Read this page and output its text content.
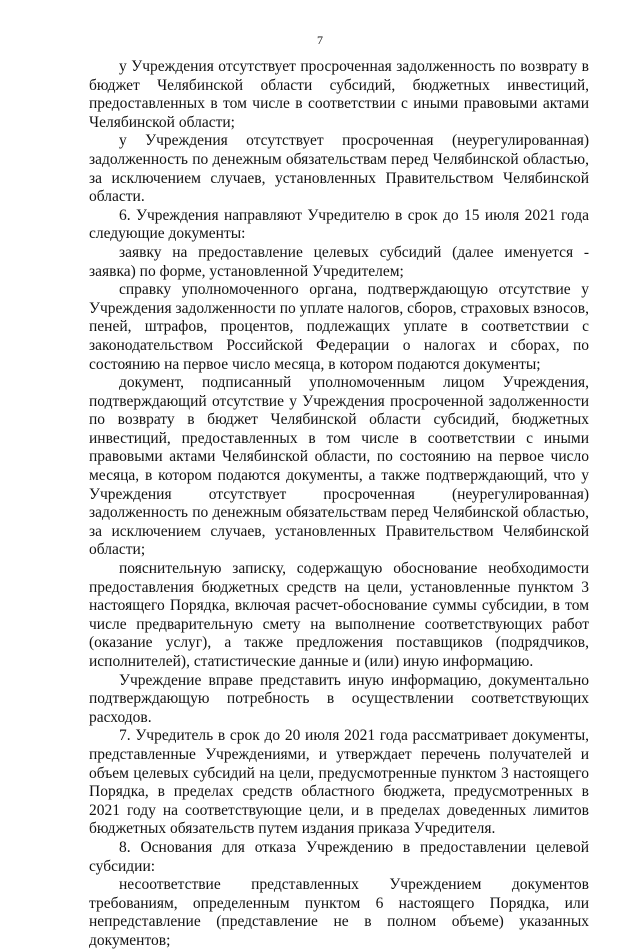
7

у Учреждения отсутствует просроченная задолженность по возврату в бюджет Челябинской области субсидий, бюджетных инвестиций, предоставленных в том числе в соответствии с иными правовыми актами Челябинской области;

у Учреждения отсутствует просроченная (неурегулированная) задолженность по денежным обязательствам перед Челябинской областью, за исключением случаев, установленных Правительством Челябинской области.

6. Учреждения направляют Учредителю в срок до 15 июля 2021 года следующие документы:

заявку на предоставление целевых субсидий (далее именуется - заявка) по форме, установленной Учредителем;

справку уполномоченного органа, подтверждающую отсутствие у Учреждения задолженности по уплате налогов, сборов, страховых взносов, пеней, штрафов, процентов, подлежащих уплате в соответствии с законодательством Российской Федерации о налогах и сборах, по состоянию на первое число месяца, в котором подаются документы;

документ, подписанный уполномоченным лицом Учреждения, подтверждающий отсутствие у Учреждения просроченной задолженности по возврату в бюджет Челябинской области субсидий, бюджетных инвестиций, предоставленных в том числе в соответствии с иными правовыми актами Челябинской области, по состоянию на первое число месяца, в котором подаются документы, а также подтверждающий, что у Учреждения отсутствует просроченная (неурегулированная) задолженность по денежным обязательствам перед Челябинской областью, за исключением случаев, установленных Правительством Челябинской области;

пояснительную записку, содержащую обоснование необходимости предоставления бюджетных средств на цели, установленные пунктом 3 настоящего Порядка, включая расчет-обоснование суммы субсидии, в том числе предварительную смету на выполнение соответствующих работ (оказание услуг), а также предложения поставщиков (подрядчиков, исполнителей), статистические данные и (или) иную информацию.

Учреждение вправе представить иную информацию, документально подтверждающую потребность в осуществлении соответствующих расходов.

7. Учредитель в срок до 20 июля 2021 года рассматривает документы, представленные Учреждениями, и утверждает перечень получателей и объем целевых субсидий на цели, предусмотренные пунктом 3 настоящего Порядка, в пределах средств областного бюджета, предусмотренных в 2021 году на соответствующие цели, и в пределах доведенных лимитов бюджетных обязательств путем издания приказа Учредителя.

8. Основания для отказа Учреждению в предоставлении целевой субсидии:

несоответствие представленных Учреждением документов требованиям, определенным пунктом 6 настоящего Порядка, или непредставление (представление не в полном объеме) указанных документов;
